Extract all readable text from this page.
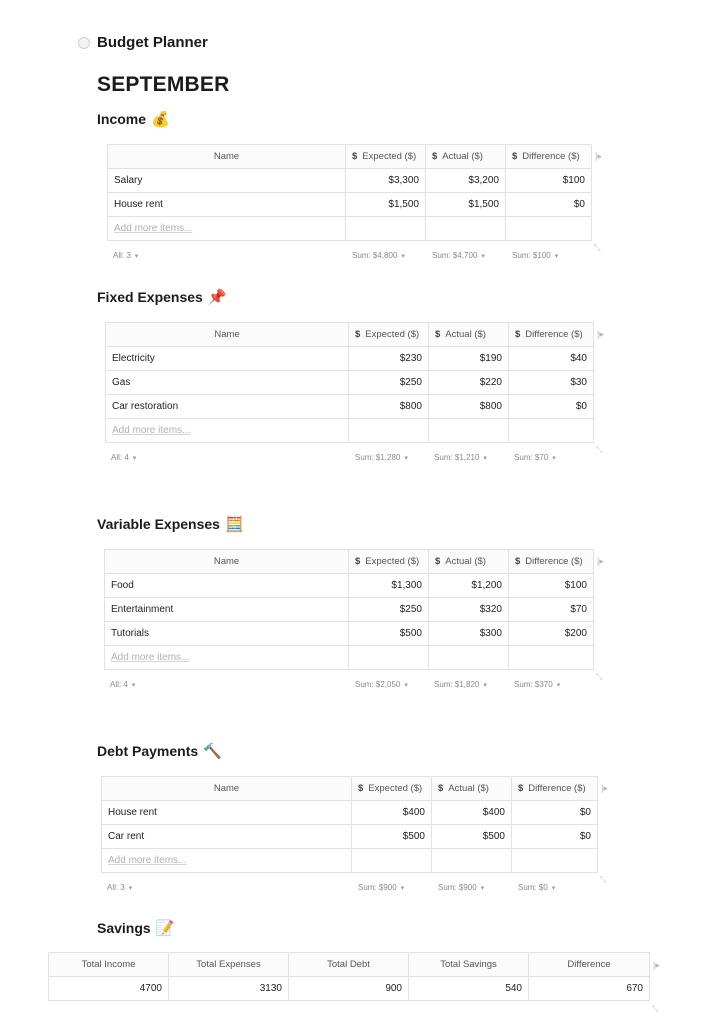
Budget Planner
SEPTEMBER
Income 💰
Name	$ Expected ($)	$ Actual ($)	$ Difference ($)
Salary	$3,300	$3,200	$100
House rent	$1,500	$1,500	$0
Add more items...			
|▸
All: 3 ▾	Sum: $4,800 ▾	Sum: $4,700 ▾	Sum: $100 ▾
⤡
Fixed Expenses 📌
Name	$ Expected ($)	$ Actual ($)	$ Difference ($)
Electricity	$230	$190	$40
Gas	$250	$220	$30
Car restoration	$800	$800	$0
Add more items...			
|▸
All: 4 ▾	Sum: $1,280 ▾	Sum: $1,210 ▾	Sum: $70 ▾
⤡
Variable Expenses 🧮
Name	$ Expected ($)	$ Actual ($)	$ Difference ($)
Food	$1,300	$1,200	$100
Entertainment	$250	$320	$70
Tutorials	$500	$300	$200
Add more items...			
|▸
All: 4 ▾	Sum: $2,050 ▾	Sum: $1,820 ▾	Sum: $370 ▾
⤡
Debt Payments 🔨
Name	$ Expected ($)	$ Actual ($)	$ Difference ($)
House rent	$400	$400	$0
Car rent	$500	$500	$0
Add more items...			
|▸
All: 3 ▾	Sum: $900 ▾	Sum: $900 ▾	Sum: $0 ▾
⤡
Savings 📝
Total Income	Total Expenses	Total Debt	Total Savings	Difference
4700	3130	900	540	670
|▸
⤡
